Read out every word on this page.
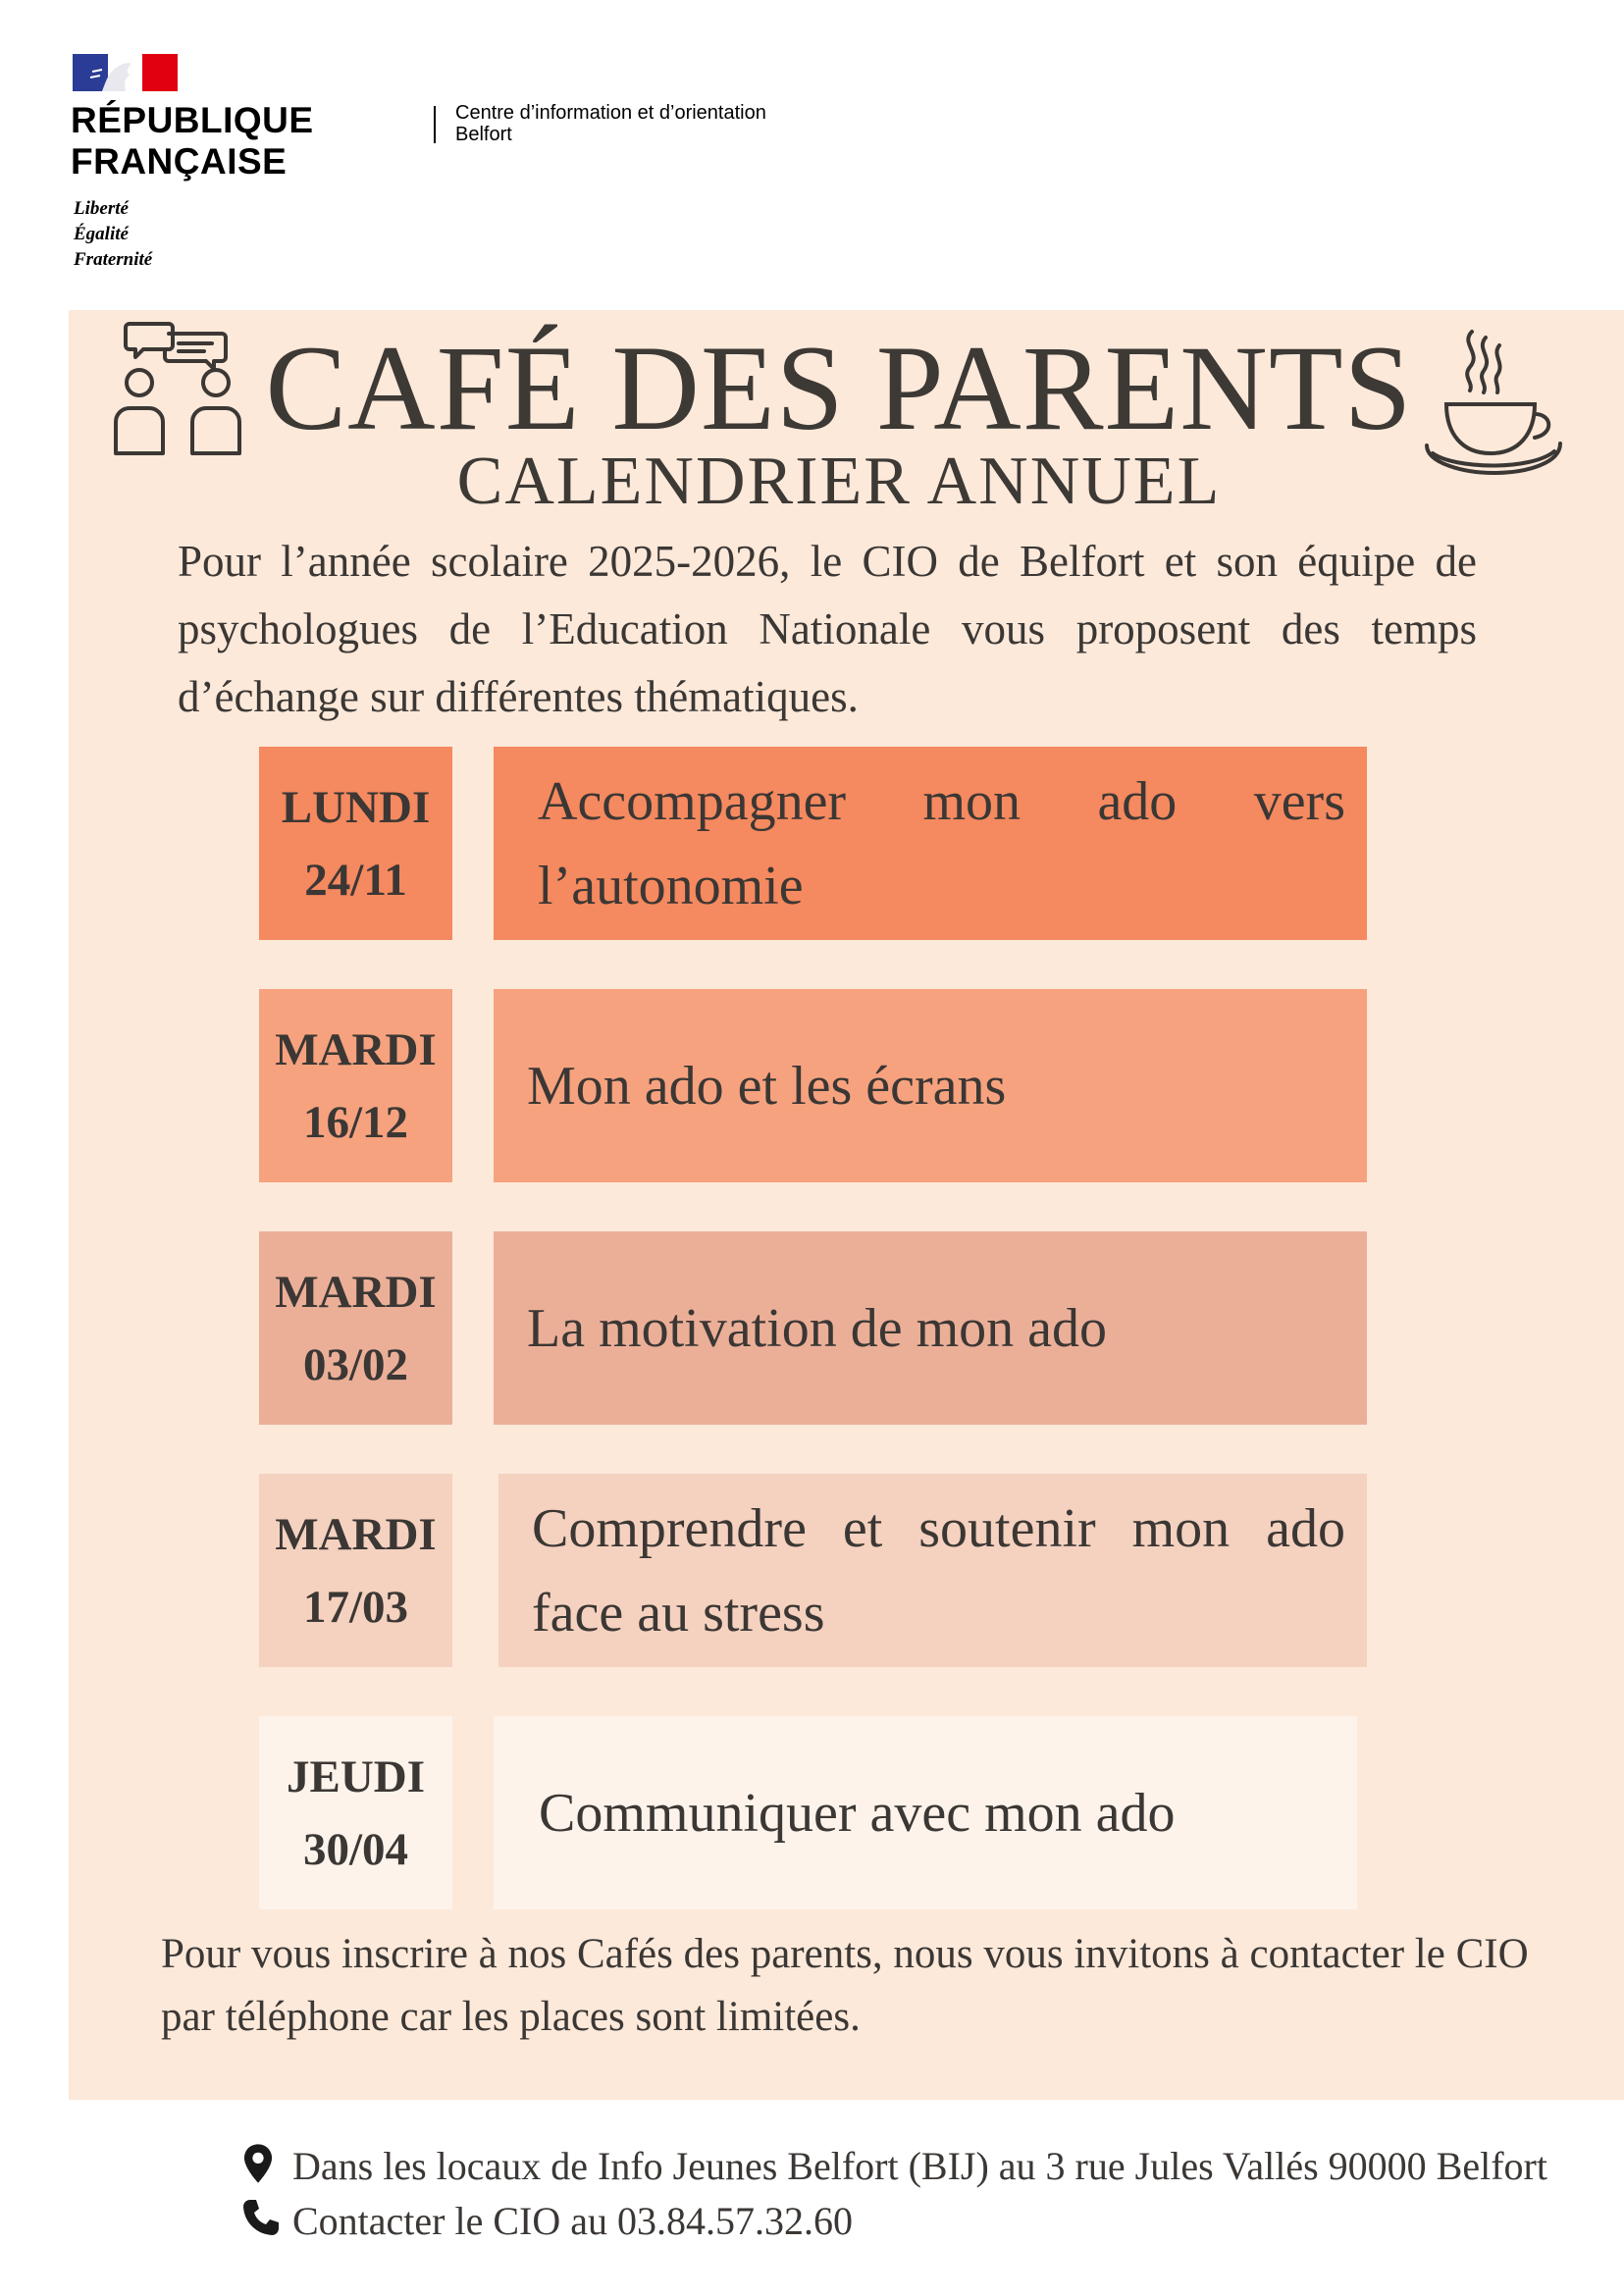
RÉPUBLIQUE
FRANÇAISE
Liberté
Égalité
Fraternité
Centre d’information et d’orientation
Belfort
CAFÉ DES PARENTS
CALENDRIER ANNUEL
Pour l’année scolaire 2025-2026, le CIO de Belfort et son équipe de psychologues de l’Education Nationale vous proposent des temps d’échange sur différentes thématiques.
LUNDI
24/11
Accompagner mon ado vers l’autonomie
MARDI
16/12
Mon ado et les écrans
MARDI
03/02
La motivation de mon ado
MARDI
17/03
Comprendre et soutenir mon ado face au stress
JEUDI
30/04
Communiquer avec mon ado
Pour vous inscrire à nos Cafés des parents, nous vous invitons à contacter le CIO par téléphone car les places sont limitées.
Dans les locaux de Info Jeunes Belfort (BIJ) au 3 rue Jules Vallés 90000 Belfort
Contacter le CIO au 03.84.57.32.60
